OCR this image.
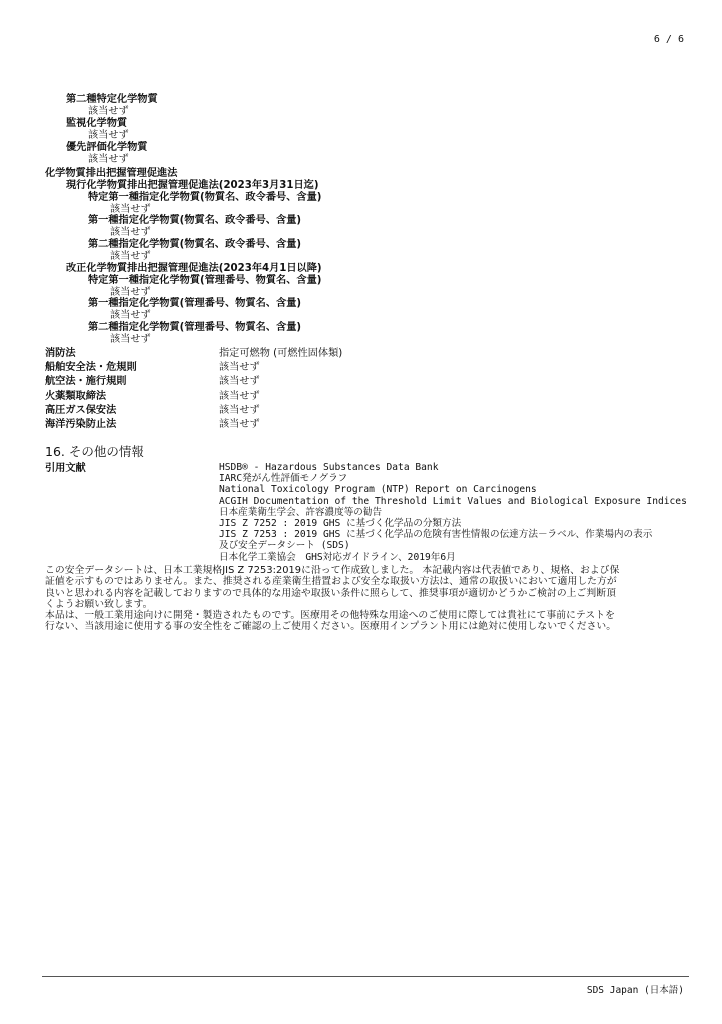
6 / 6
第二種特定化学物質
該当せず
監視化学物質
該当せず
優先評価化学物質
該当せず
化学物質排出把握管理促進法
現行化学物質排出把握管理促進法(2023年3月31日迄)
特定第一種指定化学物質(物質名、政令番号、含量)
該当せず
第一種指定化学物質(物質名、政令番号、含量)
該当せず
第二種指定化学物質(物質名、政令番号、含量)
該当せず
改正化学物質排出把握管理促進法(2023年4月1日以降)
特定第一種指定化学物質(管理番号、物質名、含量)
該当せず
第一種指定化学物質(管理番号、物質名、含量)
該当せず
第二種指定化学物質(管理番号、物質名、含量)
該当せず
消防法	指定可燃物 (可燃性固体類)
船舶安全法・危規則	該当せず
航空法・施行規則	該当せず
火薬類取締法	該当せず
高圧ガス保安法	該当せず
海洋汚染防止法	該当せず
16. その他の情報
引用文献	HSDB® - Hazardous Substances Data Bank
IARC発がん性評価モノグラフ
National Toxicology Program (NTP) Report on Carcinogens
ACGIH Documentation of the Threshold Limit Values and Biological Exposure Indices
日本産業衛生学会、許容濃度等の勧告
JIS Z 7252 : 2019 GHS に基づく化学品の分類方法
JIS Z 7253 : 2019 GHS に基づく化学品の危険有害性情報の伝達方法－ラベル、作業場内の表示
及び安全データシート (SDS)
日本化学工業協会　GHS対応ガイドライン、2019年6月
この安全データシートは、日本工業規格JIS Z 7253:2019に沿って作成致しました。 本記載内容は代表値であり、規格、および保
証値を示すものではありません。また、推奨される産業衛生措置および安全な取扱い方法は、通常の取扱いにおいて適用した方が
良いと思われる内容を記載しておりますので具体的な用途や取扱い条件に照らして、推奨事項が適切かどうかご検討の上ご判断頂
くようお願い致します。
本品は、一般工業用途向けに開発・製造されたものです。医療用その他特殊な用途へのご使用に際しては貴社にて事前にテストを
行ない、当該用途に使用する事の安全性をご確認の上ご使用ください。医療用インプラント用には絶対に使用しないでください。
SDS Japan (日本語)
